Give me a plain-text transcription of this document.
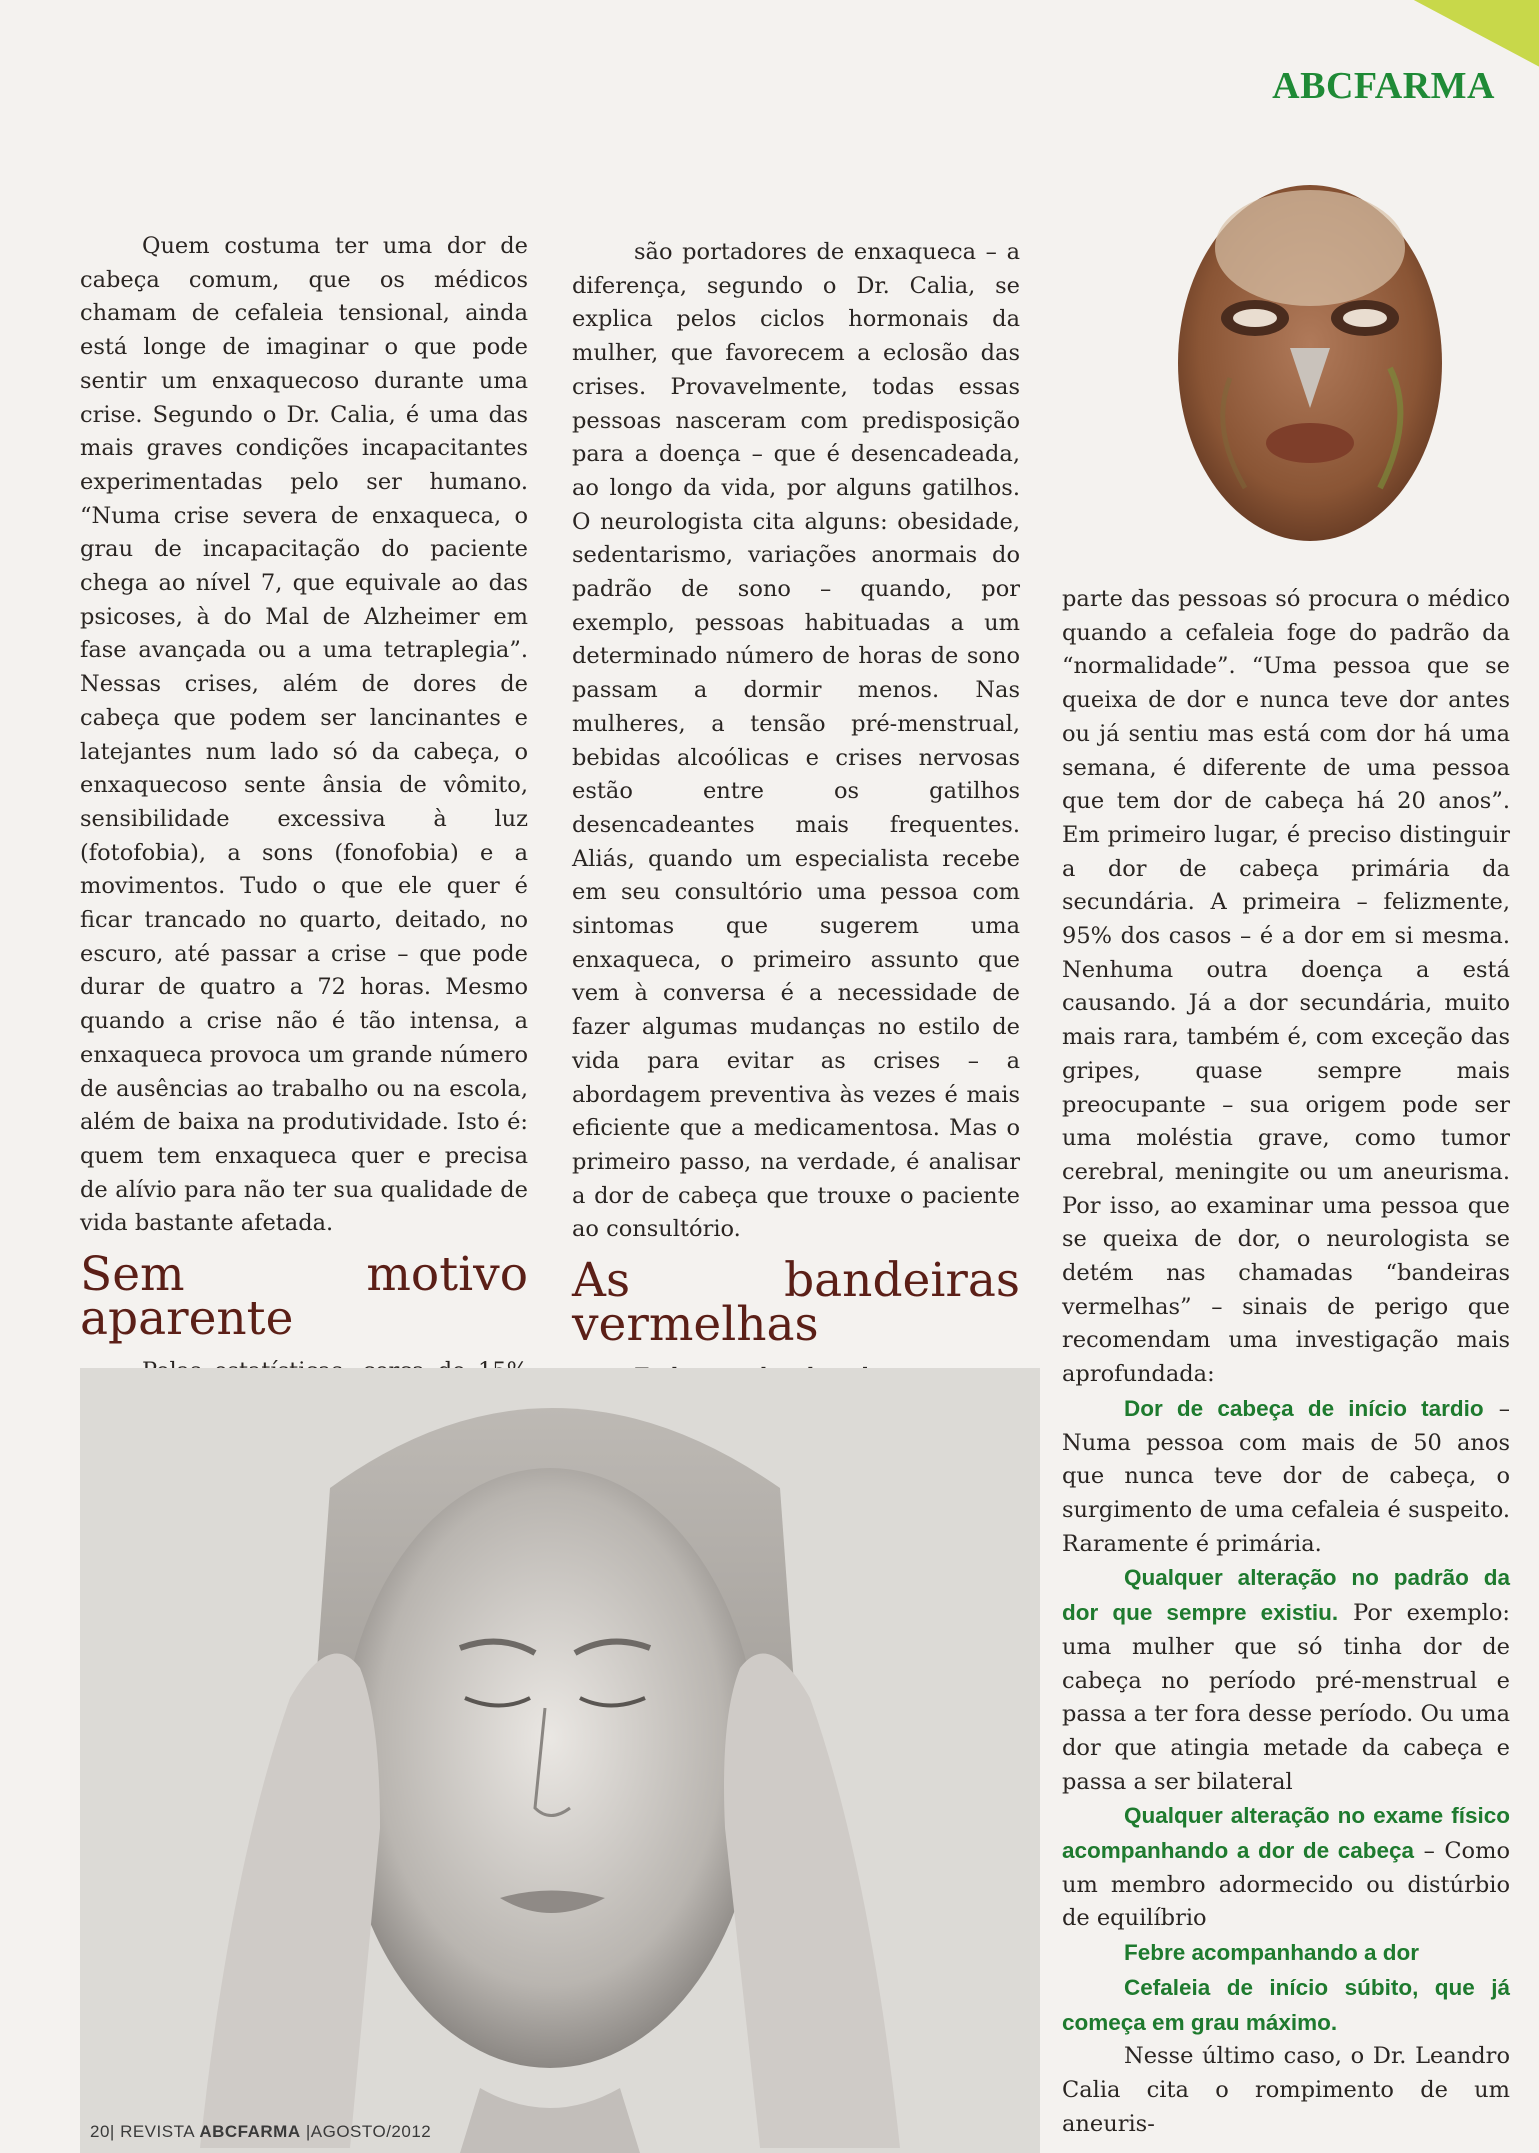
ABCFARMA

Quem costuma ter uma dor de cabeça comum, que os médicos chamam de cefaleia tensional, ainda está longe de imaginar o que pode sentir um enxaquecoso durante uma crise. Segundo o Dr. Calia, é uma das mais graves condições incapacitantes experimentadas pelo ser humano. “Numa crise severa de enxaqueca, o grau de incapacitação do paciente chega ao nível 7, que equivale ao das psicoses, à do Mal de Alzheimer em fase avançada ou a uma tetraplegia”. Nessas crises, além de dores de cabeça que podem ser lancinantes e latejantes num lado só da cabeça, o enxaquecoso sente ânsia de vômito, sensibilidade excessiva à luz (fotofobia), a sons (fonofobia) e a movimentos. Tudo o que ele quer é ficar trancado no quarto, deitado, no escuro, até passar a crise – que pode durar de quatro a 72 horas. Mesmo quando a crise não é tão intensa, a enxaqueca provoca um grande número de ausências ao trabalho ou na escola, além de baixa na produtividade. Isto é: quem tem enxaqueca quer e precisa de alívio para não ter sua qualidade de vida bastante afetada.

Sem motivo aparente

são portadores de enxaqueca – a diferença, segundo o Dr. Calia, se explica pelos ciclos hormonais da mulher, que favorecem a eclosão das crises. Provavelmente, todas essas pessoas nasceram com predisposição para a doença – que é desencadeada, ao longo da vida, por alguns gatilhos. O neurologista cita alguns: obesidade, sedentarismo, variações anormais do padrão de sono – quando, por exemplo, pessoas habituadas a um determinado número de horas de sono passam a dormir menos. Nas mulheres, a tensão pré-menstrual, bebidas alcoólicas e crises nervosas estão entre os gatilhos desencadeantes mais frequentes. Aliás, quando um especialista recebe em seu consultório uma pessoa com sintomas que sugerem uma enxaqueca, o primeiro assunto que vem à conversa é a necessidade de fazer algumas mudanças no estilo de vida para evitar as crises – a abordagem preventiva às vezes é mais eficiente que a medicamentosa. Mas o primeiro passo, na verdade, é analisar a dor de cabeça que trouxe o paciente ao consultório.

As bandeiras vermelhas

parte das pessoas só procura o médico quando a cefaleia foge do padrão da “normalidade”. “Uma pessoa que se queixa de dor e nunca teve dor antes ou já sentiu mas está com dor há uma semana, é diferente de uma pessoa que tem dor de cabeça há 20 anos”. Em primeiro lugar, é preciso distinguir a dor de cabeça primária da secundária. A primeira – felizmente, 95% dos casos – é a dor em si mesma. Nenhuma outra doença a está causando. Já a dor secundária, muito mais rara, também é, com exceção das gripes, quase sempre mais preocupante – sua origem pode ser uma moléstia grave, como tumor cerebral, meningite ou um aneurisma. Por isso, ao examinar uma pessoa que se queixa de dor, o neurologista se detém nas chamadas “bandeiras vermelhas” – sinais de perigo que recomendam uma investigação mais aprofundada:

Dor de cabeça de início tardio – Numa pessoa com mais de 50 anos que nunca teve dor de cabeça, o surgimento de uma cefaleia é suspeito. Raramente é primária.

Qualquer alteração no padrão da dor que sempre existiu. Por exemplo: uma mulher que só tinha dor de cabeça no período pré-menstrual e passa a ter fora desse período. Ou uma dor que atingia metade da cabeça e passa a ser bilateral

Qualquer alteração no exame físico acompanhando a dor de cabeça – Como um membro adormecido ou distúrbio de equilíbrio

Febre acompanhando a dor

Cefaleia de início súbito, que já começa em grau máximo.

Nesse último caso, o Dr. Leandro Calia cita o rompimento de um aneuris-

20| REVISTA ABCFARMA |AGOSTO/2012
